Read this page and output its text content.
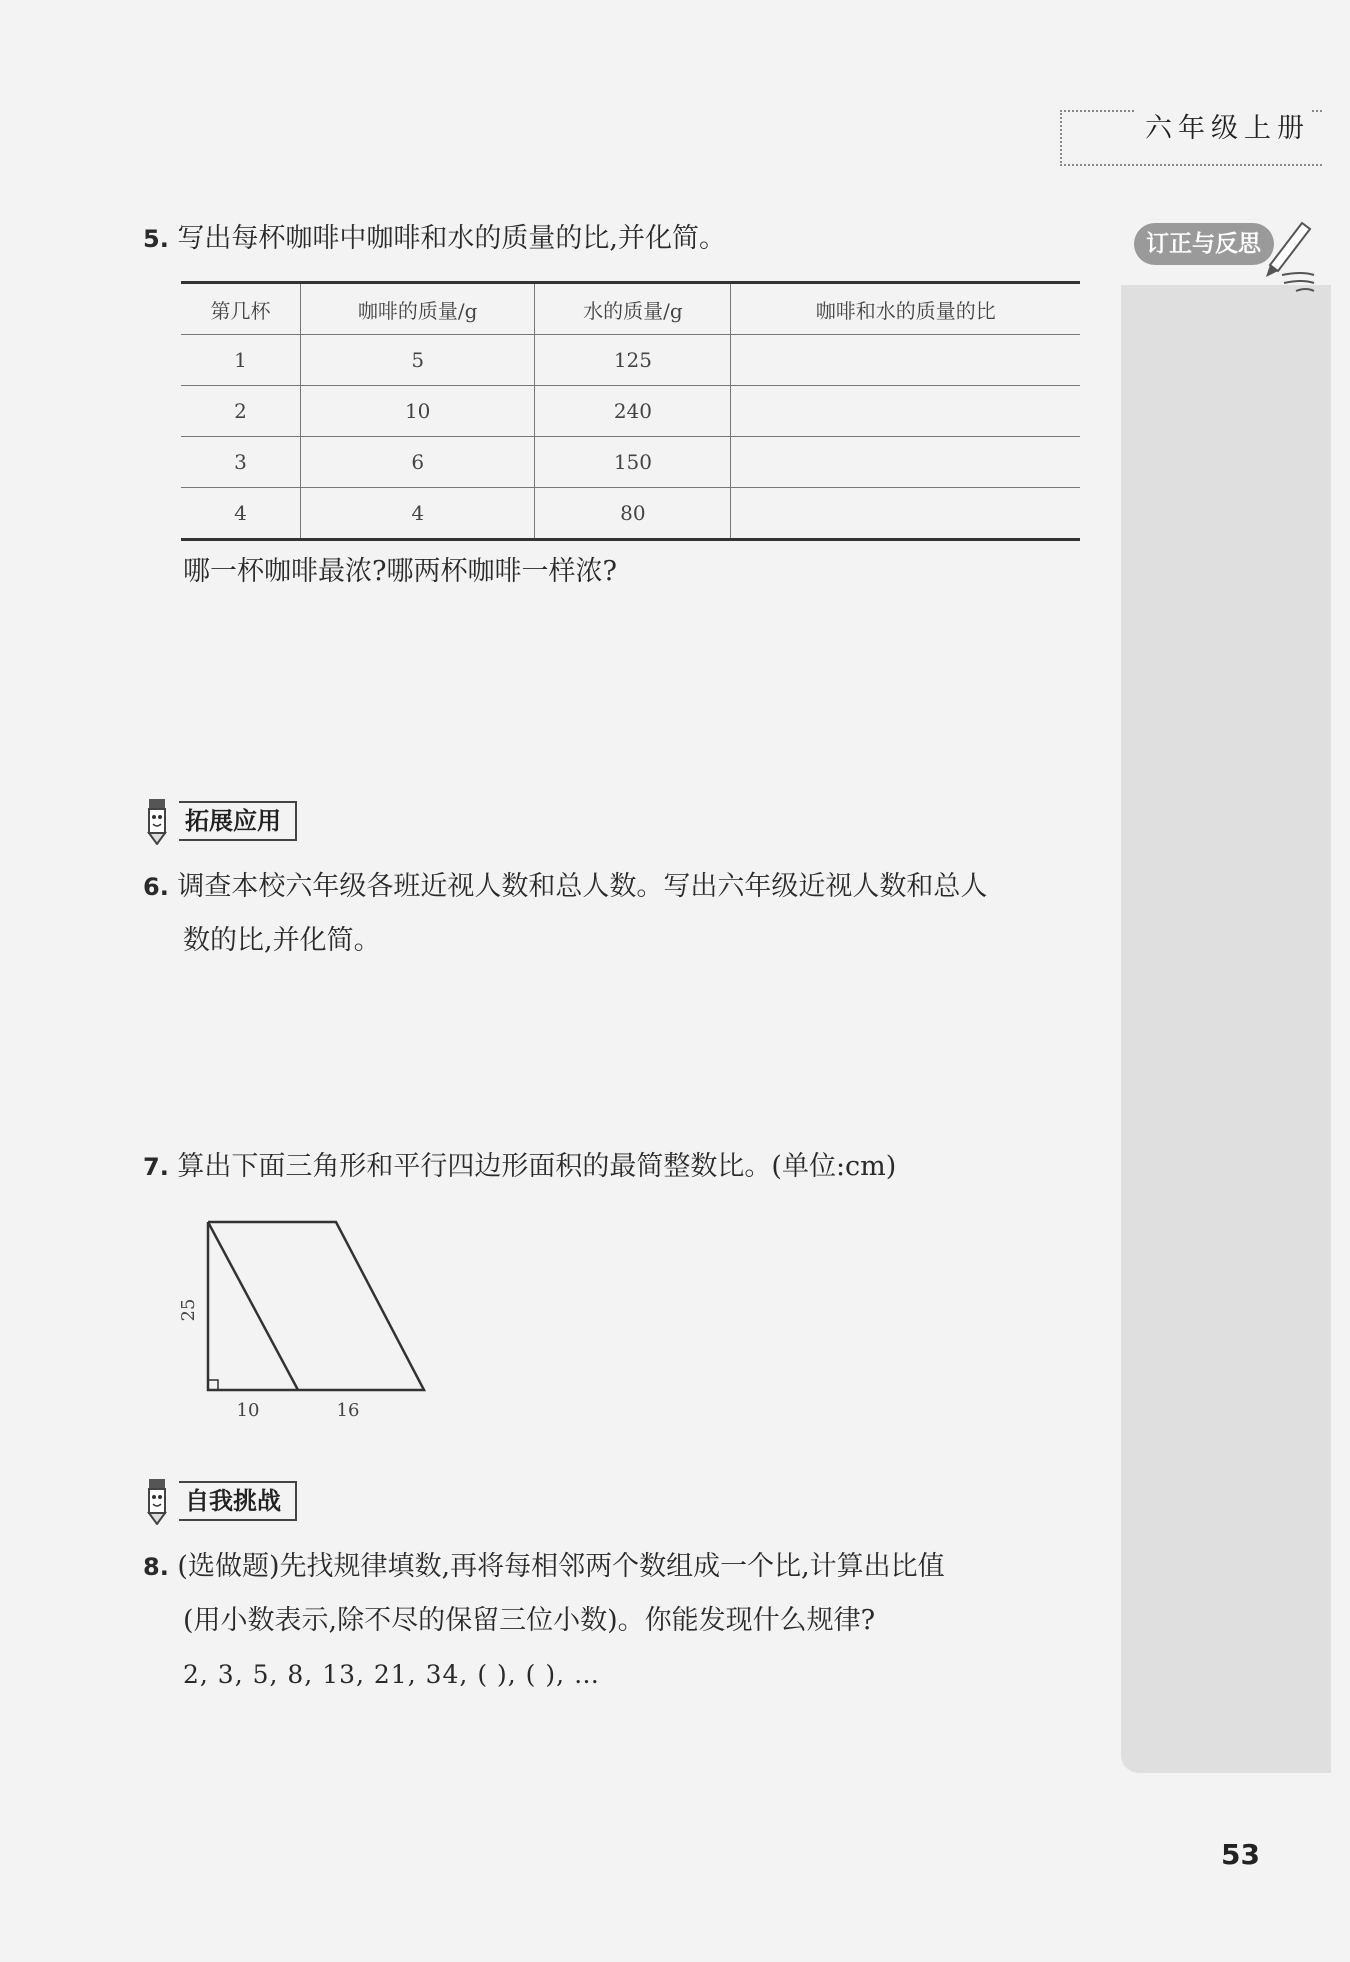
六年级上册
订正与反思
5. 写出每杯咖啡中咖啡和水的质量的比,并化简。
第几杯	咖啡的质量/g	水的质量/g	咖啡和水的质量的比
1	5	125	
2	10	240	
3	6	150	
4	4	80	
哪一杯咖啡最浓?哪两杯咖啡一样浓?
拓展应用
6. 调查本校六年级各班近视人数和总人数。写出六年级近视人数和总人
数的比,并化简。
7. 算出下面三角形和平行四边形面积的最简整数比。(单位:cm)
25
10	16
自我挑战
8. (选做题)先找规律填数,再将每相邻两个数组成一个比,计算出比值
(用小数表示,除不尽的保留三位小数)。你能发现什么规律?
2, 3, 5, 8, 13, 21, 34, ( ), ( ), …
53
